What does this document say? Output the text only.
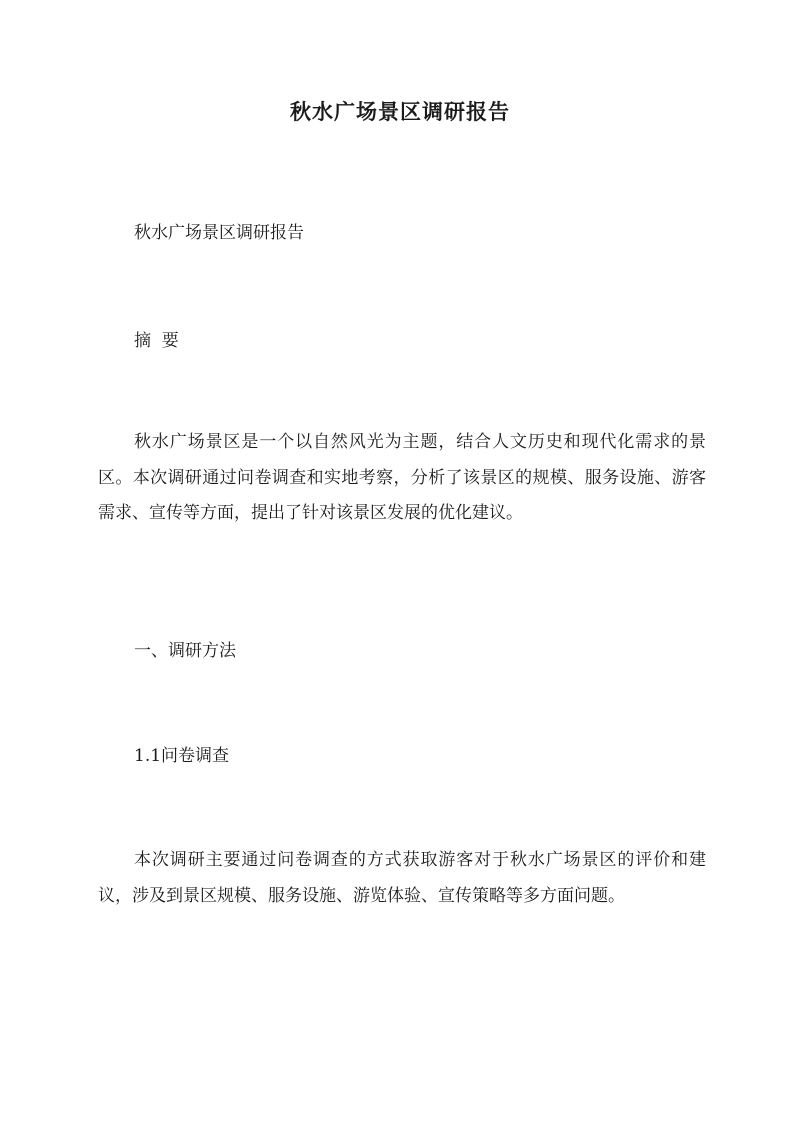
秋水广场景区调研报告

秋水广场景区调研报告

摘  要

秋水广场景区是一个以自然风光为主题，结合人文历史和现代化需求的景区。本次调研通过问卷调查和实地考察，分析了该景区的规模、服务设施、游客需求、宣传等方面，提出了针对该景区发展的优化建议。

一、调研方法

1.1问卷调查

本次调研主要通过问卷调查的方式获取游客对于秋水广场景区的评价和建议，涉及到景区规模、服务设施、游览体验、宣传策略等多方面问题。
